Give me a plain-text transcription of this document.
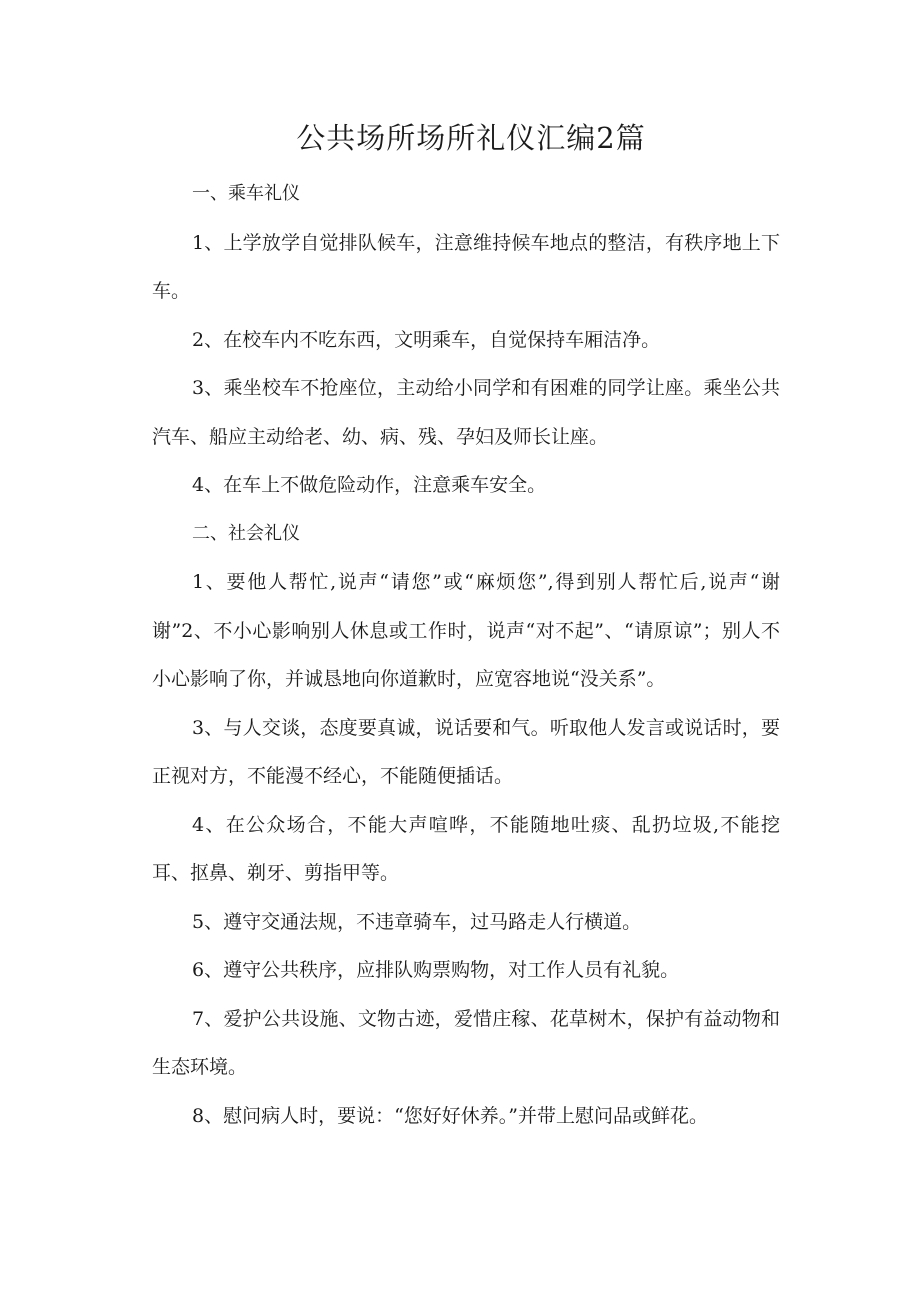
公共场所场所礼仪汇编2篇

一、乘车礼仪

1、上学放学自觉排队候车，注意维持候车地点的整洁，有秩序地上下车。

2、在校车内不吃东西，文明乘车，自觉保持车厢洁净。

3、乘坐校车不抢座位，主动给小同学和有困难的同学让座。乘坐公共汽车、船应主动给老、幼、病、残、孕妇及师长让座。

4、在车上不做危险动作，注意乘车安全。

二、社会礼仪

1、要他人帮忙,说声“请您”或“麻烦您”,得到别人帮忙后,说声“谢谢”2、不小心影响别人休息或工作时，说声“对不起”、“请原谅”；别人不小心影响了你，并诚恳地向你道歉时，应宽容地说“没关系”。

3、与人交谈，态度要真诚，说话要和气。听取他人发言或说话时，要正视对方，不能漫不经心，不能随便插话。

4、在公众场合，不能大声喧哗，不能随地吐痰、乱扔垃圾,不能挖耳、抠鼻、剃牙、剪指甲等。

5、遵守交通法规，不违章骑车，过马路走人行横道。

6、遵守公共秩序，应排队购票购物，对工作人员有礼貌。

7、爱护公共设施、文物古迹，爱惜庄稼、花草树木，保护有益动物和生态环境。

8、慰问病人时，要说：“您好好休养。”并带上慰问品或鲜花。
